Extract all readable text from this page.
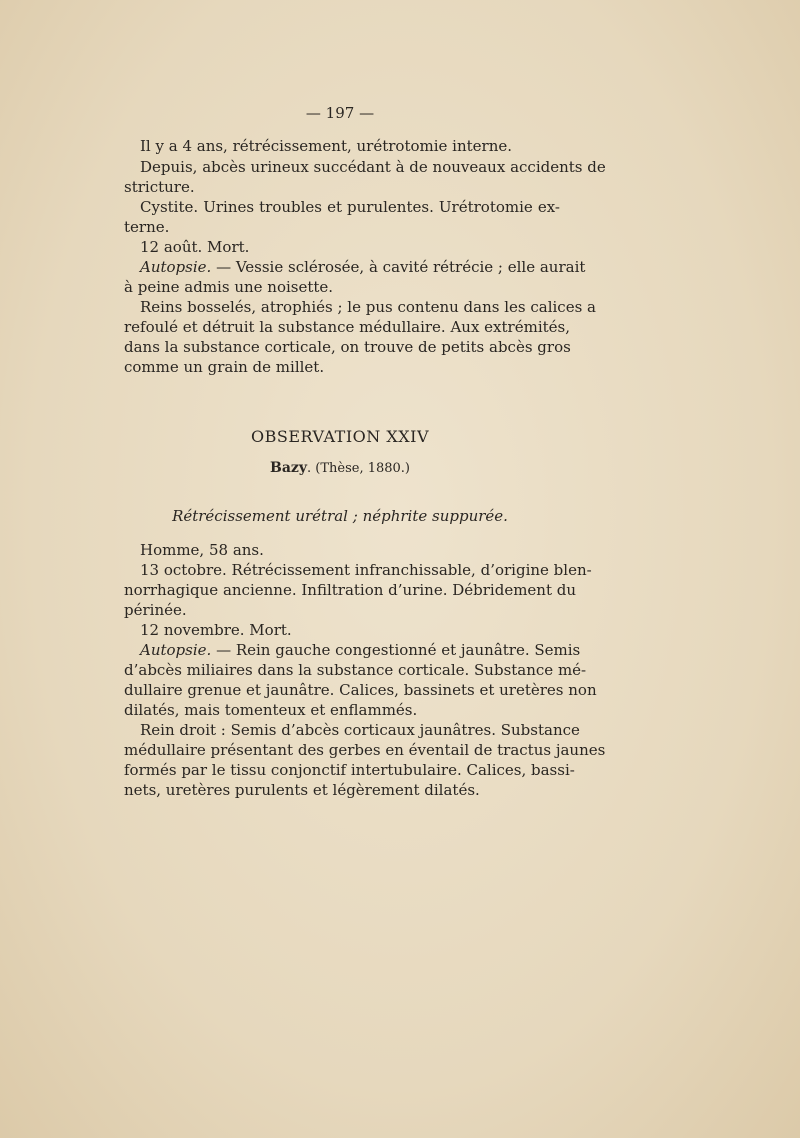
— 197 —
Il y a 4 ans, rétrécissement, urétrotomie interne.
Depuis, abcès urineux succédant à de nouveaux accidents de
stricture.
Cystite. Urines troubles et purulentes. Urétrotomie ex-
terne.
12 août. Mort.
Autopsie. — Vessie sclérosée, à cavité rétrécie ; elle aurait
à peine admis une noisette.
Reins bosselés, atrophiés ; le pus contenu dans les calices a
refoulé et détruit la substance médullaire. Aux extrémités,
dans la substance corticale, on trouve de petits abcès gros
comme un grain de millet.
OBSERVATION XXIV
Bazy. (Thèse, 1880.)
Rétrécissement urétral ; néphrite suppurée.
Homme, 58 ans.
13 octobre. Rétrécissement infranchissable, d’origine blen-
norrhagique ancienne. Infiltration d’urine. Débridement du
périnée.
12 novembre. Mort.
Autopsie. — Rein gauche congestionné et jaunâtre. Semis
d’abcès miliaires dans la substance corticale. Substance mé-
dullaire grenue et jaunâtre. Calices, bassinets et uretères non
dilatés, mais tomenteux et enflammés.
Rein droit : Semis d’abcès corticaux jaunâtres. Substance
médullaire présentant des gerbes en éventail de tractus jaunes
formés par le tissu conjonctif intertubulaire. Calices, bassi-
nets, uretères purulents et légèrement dilatés.
